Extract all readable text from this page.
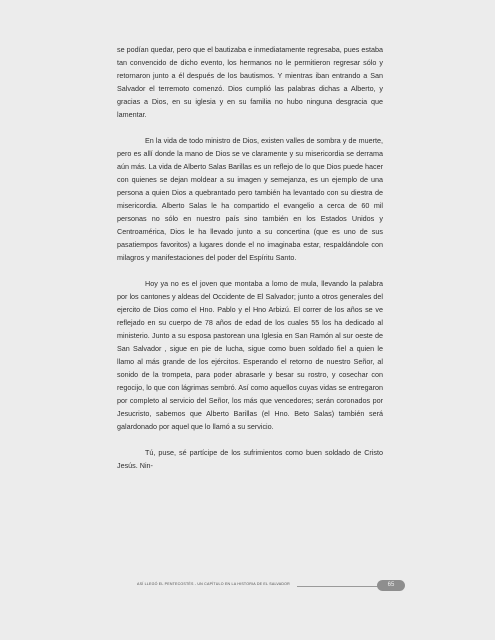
se podían quedar, pero que el bautizaba e inmediatamente regresaba, pues estaba tan convencido de dicho evento, los hermanos no le permitieron regresar sólo y retornaron junto a él después de los bautismos. Y mientras iban entrando a San Salvador el terremoto comenzó. Dios cumplió las palabras dichas a Alberto, y gracias a Dios, en su iglesia y en su familia no hubo ninguna desgracia que lamentar.

En la vida de todo ministro de Dios, existen valles de sombra y de muerte, pero es allí donde la mano de Dios se ve claramente y su misericordia se derrama aún más. La vida de Alberto Salas Barillas es un reflejo de lo que Dios puede hacer con quienes se dejan moldear a su imagen y semejanza, es un ejemplo de una persona a quien Dios a quebrantado pero también ha levantado con su diestra de misericordia. Alberto Salas le ha compartido el evangelio a cerca de 60 mil personas no sólo en nuestro país sino también en los Estados Unidos y Centroamérica, Dios le ha llevado junto a su concertina (que es uno de sus pasatiempos favoritos) a lugares donde el no imaginaba estar, respaldándole con milagros y manifestaciones del poder del Espíritu Santo.

Hoy ya no es el joven que montaba a lomo de mula, llevando la palabra por los cantones y aldeas del Occidente de El Salvador; junto a otros generales del ejercito de Dios como el Hno. Pablo y el Hno Arbizú. El correr de los años se ve reflejado en su cuerpo de 78 años de edad de los cuales 55 los ha dedicado al ministerio. Junto a su esposa pastorean una Iglesia en San Ramón al sur oeste de San Salvador , sigue en pie de lucha, sigue como buen soldado fiel a quien le llamo al más grande de los ejércitos. Esperando el retorno de nuestro Señor, al sonido de la trompeta, para poder abrasarle y besar su rostro, y cosechar con regocijo, lo que con lágrimas sembró. Así como aquellos cuyas vidas se entregaron por completo al servicio del Señor, los más que vencedores; serán coronados por Jesucristo, sabemos que Alberto Barillas (el Hno. Beto Salas) también será galardonado por aquel que lo llamó a su servicio.

Tú, puse, sé partícipe de los sufrimientos como buen soldado de Cristo Jesús. Nin-

ASÍ LLEGÓ EL PENTECOSTÉS - UN CAPÍTULO EN LA HISTORIA DE EL SALVADOR	65
